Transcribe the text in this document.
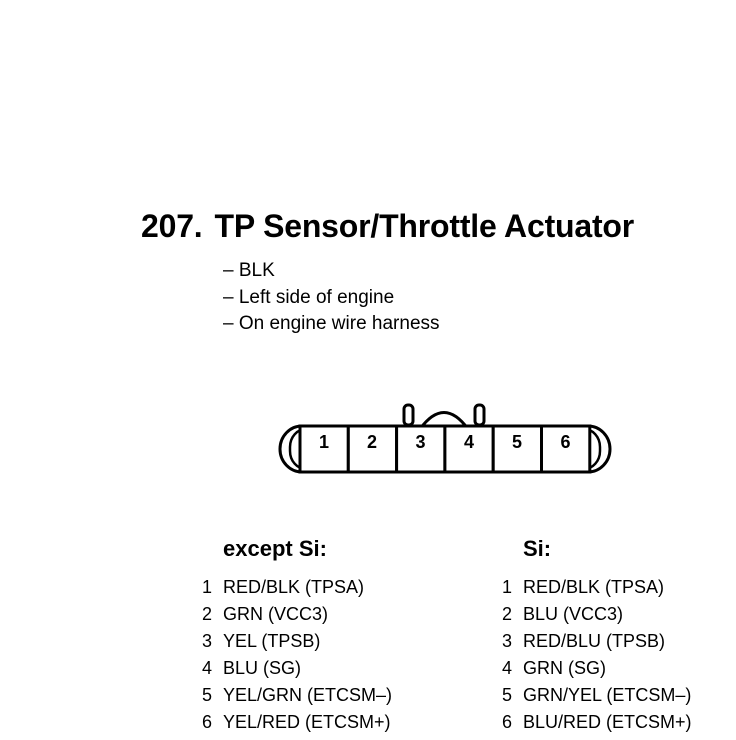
207. TP Sensor/Throttle Actuator
– BLK
– Left side of engine
– On engine wire harness
1 2 3 4 5 6
except Si:	Si:
1 RED/BLK (TPSA)
2 GRN (VCC3)
3 YEL (TPSB)
4 BLU (SG)
5 YEL/GRN (ETCSM–)
6 YEL/RED (ETCSM+)
1 RED/BLK (TPSA)
2 BLU (VCC3)
3 RED/BLU (TPSB)
4 GRN (SG)
5 GRN/YEL (ETCSM–)
6 BLU/RED (ETCSM+)
